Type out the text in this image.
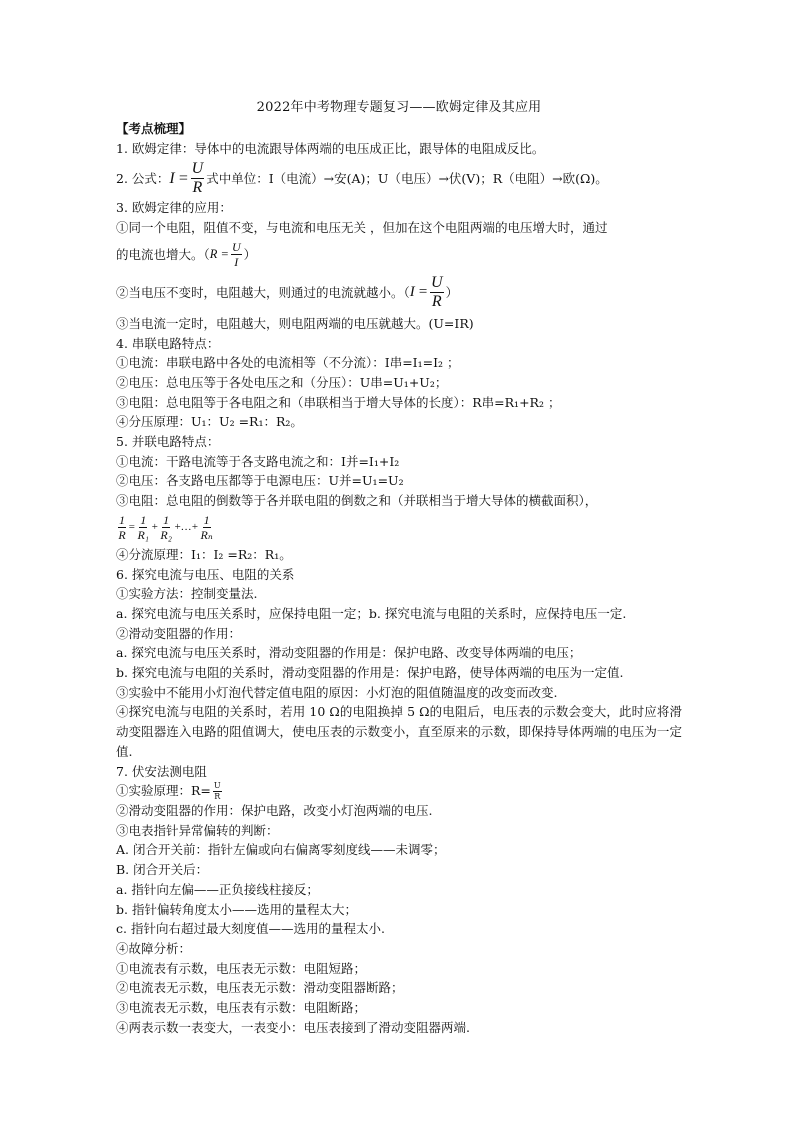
2022年中考物理专题复习——欧姆定律及其应用
【考点梳理】
1. 欧姆定律：导体中的电流跟导体两端的电压成正比，跟导体的电阻成反比。
2. 公式： I
= $\frac{U}{R}$ 式中单位：I（电流）→安(A)；U（电压）→伏(V)；R（电阻）→欧(Ω)。
3. 欧姆定律的应用：
①同一个电阻，阻值不变，与电流和电压无关 ，但加在这个电阻两端的电压增大时，通过
的电流也增大。（ R
= $\frac{U}{I}$ ）
②当电压不变时，电阻越大，则通过的电流就越小。（ I
= $\frac{U}{R}$ ）
③当电流一定时，电阻越大，则电阻两端的电压就越大。(U=IR)
4. 串联电路特点：
①电流：串联电路中各处的电流相等（不分流）：I串=I₁=I₂ ；
②电压：总电压等于各处电压之和（分压）：U串=U₁+U₂；
③电阻：总电阻等于各电阻之和（串联相当于增大导体的长度）：R串=R₁+R₂ ；
④分压原理：U₁：U₂ =R₁：R₂。
5. 并联电路特点：
①电流：干路电流等于各支路电流之和：I并=I₁+I₂
②电压：各支路电压都等于电源电压：U并=U₁=U₂
③电阻：总电阻的倒数等于各并联电阻的倒数之和（并联相当于增大导体的横截面积），
$\frac{1}{R} = \frac{1}{\text{R₁}} + \frac{1}{\text{R₂}}$ +…+ $\frac{1}{\text{Rₙ}}$
④分流原理：I₁：I₂ =R₂：R₁。
6. 探究电流与电压、电阻的关系
①实验方法：控制变量法.
a. 探究电流与电压关系时，应保持电阻一定；b. 探究电流与电阻的关系时，应保持电压一定.
②滑动变阻器的作用：
a. 探究电流与电压关系时，滑动变阻器的作用是：保护电路、改变导体两端的电压；
b. 探究电流与电阻的关系时，滑动变阻器的作用是：保护电路，使导体两端的电压为一定值.
③实验中不能用小灯泡代替定值电阻的原因：小灯泡的阻值随温度的改变而改变.
④探究电流与电阻的关系时，若用 10 Ω的电阻换掉 5 Ω的电阻后，电压表的示数会变大，此时应将滑动变阻器连入电路的阻值调大，使电压表的示数变小，直至原来的示数，即保持导体两端的电压为一定值.
7. 伏安法测电阻
①实验原理：$R= \frac{U}{R}$
②滑动变阻器的作用：保护电路，改变小灯泡两端的电压.
③电表指针异常偏转的判断：
A. 闭合开关前：指针左偏或向右偏离零刻度线——未调零；
B. 闭合开关后：
a. 指针向左偏——正负接线柱接反；
b. 指针偏转角度太小——选用的量程太大；
c. 指针向右超过最大刻度值——选用的量程太小.
④故障分析：
①电流表有示数，电压表无示数：电阻短路；
②电流表无示数，电压表无示数：滑动变阻器断路；
③电流表无示数，电压表有示数：电阻断路；
④两表示数一表变大，一表变小：电压表接到了滑动变阻器两端.
